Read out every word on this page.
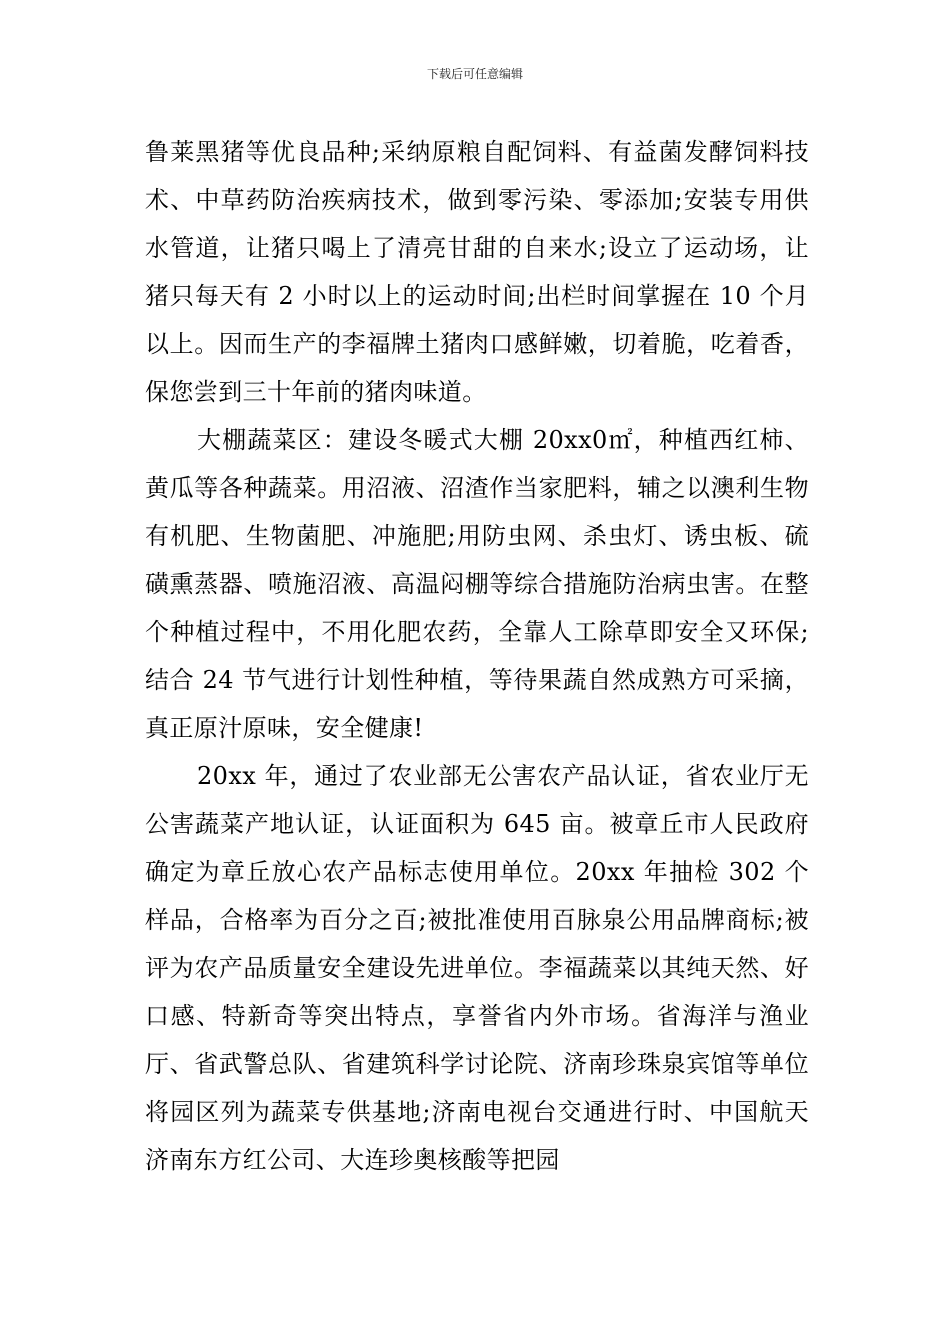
下载后可任意编辑

鲁莱黑猪等优良品种;采纳原粮自配饲料、有益菌发酵饲料技术、中草药防治疾病技术，做到零污染、零添加;安装专用供水管道，让猪只喝上了清亮甘甜的自来水;设立了运动场，让猪只每天有 2 小时以上的运动时间;出栏时间掌握在 10 个月以上。因而生产的李福牌土猪肉口感鲜嫩，切着脆，吃着香，保您尝到三十年前的猪肉味道。

大棚蔬菜区：建设冬暖式大棚 20xx0㎡，种植西红柿、黄瓜等各种蔬菜。用沼液、沼渣作当家肥料，辅之以澳利生物有机肥、生物菌肥、冲施肥;用防虫网、杀虫灯、诱虫板、硫磺熏蒸器、喷施沼液、高温闷棚等综合措施防治病虫害。在整个种植过程中，不用化肥农药，全靠人工除草即安全又环保;结合 24 节气进行计划性种植，等待果蔬自然成熟方可采摘，真正原汁原味，安全健康!

20xx 年，通过了农业部无公害农产品认证，省农业厅无公害蔬菜产地认证，认证面积为 645 亩。被章丘市人民政府确定为章丘放心农产品标志使用单位。20xx 年抽检 302 个样品，合格率为百分之百;被批准使用百脉泉公用品牌商标;被评为农产品质量安全建设先进单位。李福蔬菜以其纯天然、好口感、特新奇等突出特点，享誉省内外市场。省海洋与渔业厅、省武警总队、省建筑科学讨论院、济南珍珠泉宾馆等单位将园区列为蔬菜专供基地;济南电视台交通进行时、中国航天济南东方红公司、大连珍奥核酸等把园
